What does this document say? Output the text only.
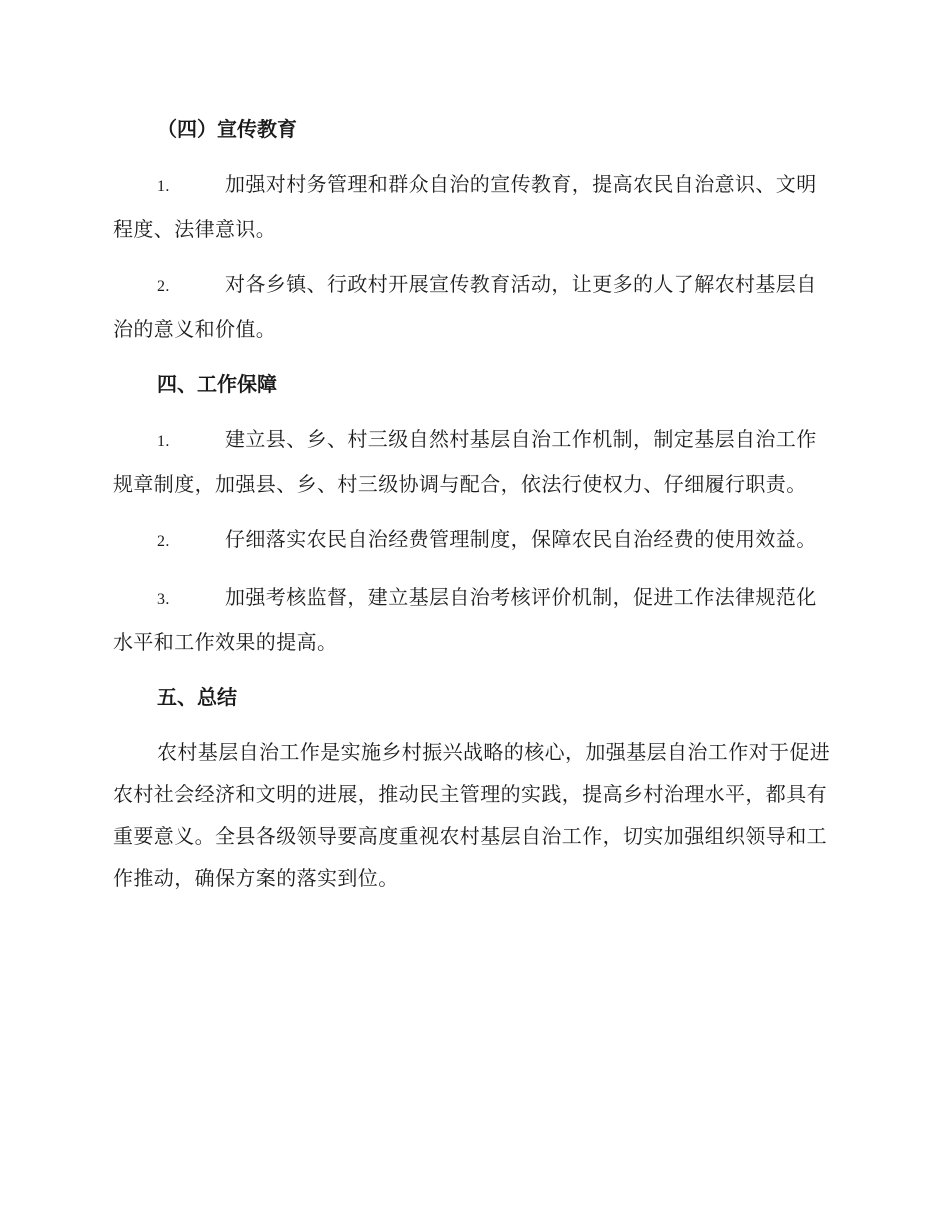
（四）宣传教育
1.	加强对村务管理和群众自治的宣传教育，提高农民自治意识、文明程度、法律意识。
2.	对各乡镇、行政村开展宣传教育活动，让更多的人了解农村基层自治的意义和价值。
四、工作保障
1.	建立县、乡、村三级自然村基层自治工作机制，制定基层自治工作规章制度，加强县、乡、村三级协调与配合，依法行使权力、仔细履行职责。
2.	仔细落实农民自治经费管理制度，保障农民自治经费的使用效益。
3.	加强考核监督，建立基层自治考核评价机制，促进工作法律规范化水平和工作效果的提高。
五、总结
农村基层自治工作是实施乡村振兴战略的核心，加强基层自治工作对于促进农村社会经济和文明的进展，推动民主管理的实践，提高乡村治理水平，都具有重要意义。全县各级领导要高度重视农村基层自治工作，切实加强组织领导和工作推动，确保方案的落实到位。
